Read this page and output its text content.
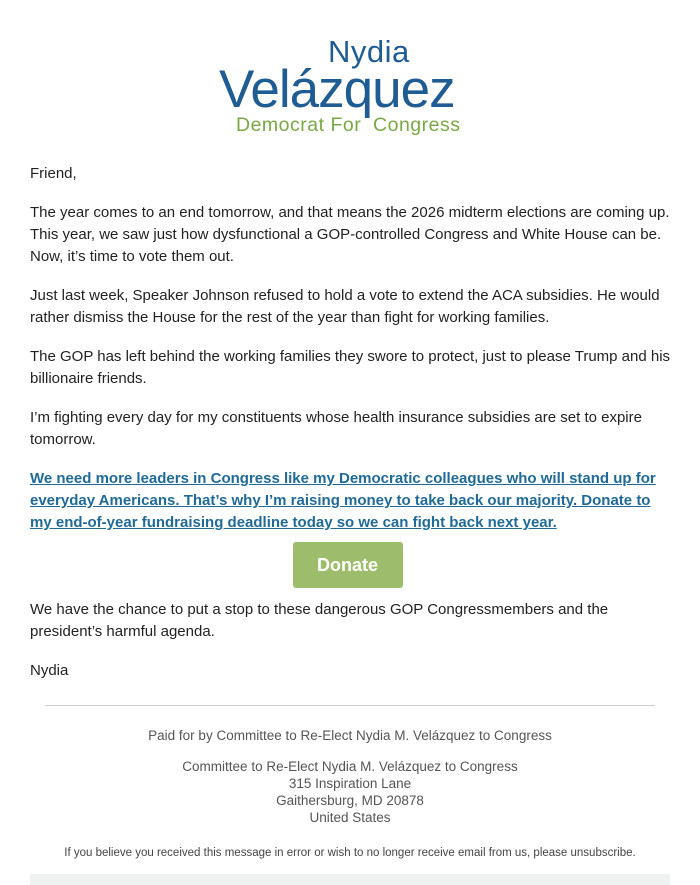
Nydia
Velázquez
Democrat For  Congress

Friend,

The year comes to an end tomorrow, and that means the 2026 midterm elections are coming up. This year, we saw just how dysfunctional a GOP-controlled Congress and White House can be. Now, it’s time to vote them out.

Just last week, Speaker Johnson refused to hold a vote to extend the ACA subsidies. He would rather dismiss the House for the rest of the year than fight for working families.

The GOP has left behind the working families they swore to protect, just to please Trump and his billionaire friends.

I’m fighting every day for my constituents whose health insurance subsidies are set to expire tomorrow.

We need more leaders in Congress like my Democratic colleagues who will stand up for everyday Americans. That’s why I’m raising money to take back our majority. Donate to my end-of-year fundraising deadline today so we can fight back next year.
Donate

We have the chance to put a stop to these dangerous GOP Congressmembers and the president’s harmful agenda.

Nydia

Paid for by Committee to Re-Elect Nydia M. Velázquez to Congress
Committee to Re-Elect Nydia M. Velázquez to Congress
315 Inspiration Lane
Gaithersburg, MD 20878
United States
If you believe you received this message in error or wish to no longer receive email from us, please unsubscribe.
